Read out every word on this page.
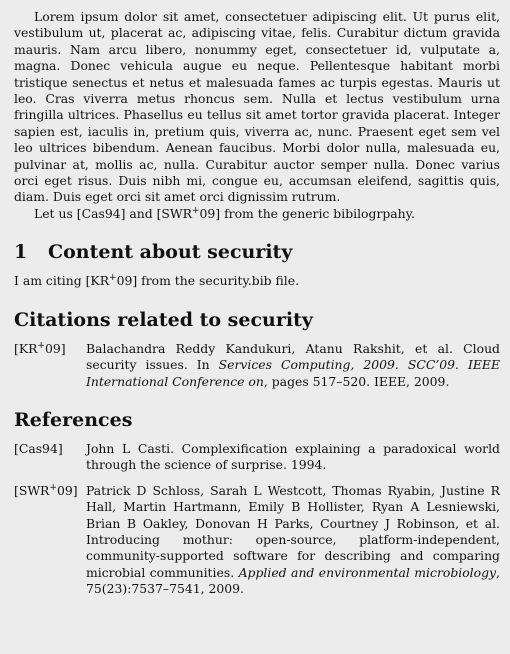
Lorem ipsum dolor sit amet, consectetuer adipiscing elit. Ut purus elit, vestibulum ut, placerat ac, adipiscing vitae, felis. Curabitur dictum gravida mauris. Nam arcu libero, nonummy eget, consectetuer id, vulputate a, magna. Donec vehicula augue eu neque. Pellentesque habitant morbi tristique senectus et netus et malesuada fames ac turpis egestas. Mauris ut leo. Cras viverra metus rhoncus sem. Nulla et lectus vestibulum urna fringilla ultrices. Phasellus eu tellus sit amet tortor gravida placerat. Integer sapien est, iaculis in, pretium quis, viverra ac, nunc. Praesent eget sem vel leo ultrices bibendum. Aenean faucibus. Morbi dolor nulla, malesuada eu, pulvinar at, mollis ac, nulla. Curabitur auctor semper nulla. Donec varius orci eget risus. Duis nibh mi, congue eu, accumsan eleifend, sagittis quis, diam. Duis eget orci sit amet orci dignissim rutrum.

Let us [Cas94] and [SWR+09] from the generic bibilogrpahy.

1 Content about security

I am citing [KR+09] from the security.bib file.

Citations related to security
[KR+09]	Balachandra Reddy Kandukuri, Atanu Rakshit, et al. Cloud security issues. In Services Computing, 2009. SCC’09. IEEE International Conference on, pages 517–520. IEEE, 2009.
References
[Cas94]	John L Casti. Complexification explaining a paradoxical world through the science of surprise. 1994.
[SWR+09] Patrick D Schloss, Sarah L Westcott, Thomas Ryabin, Justine R Hall, Martin Hartmann, Emily B Hollister, Ryan A Lesniewski, Brian B Oakley, Donovan H Parks, Courtney J Robinson, et al. Introducing mothur: open-source, platform-independent, community-supported software for describing and comparing microbial communities. Applied and environmental microbiology, 75(23):7537–7541, 2009.
